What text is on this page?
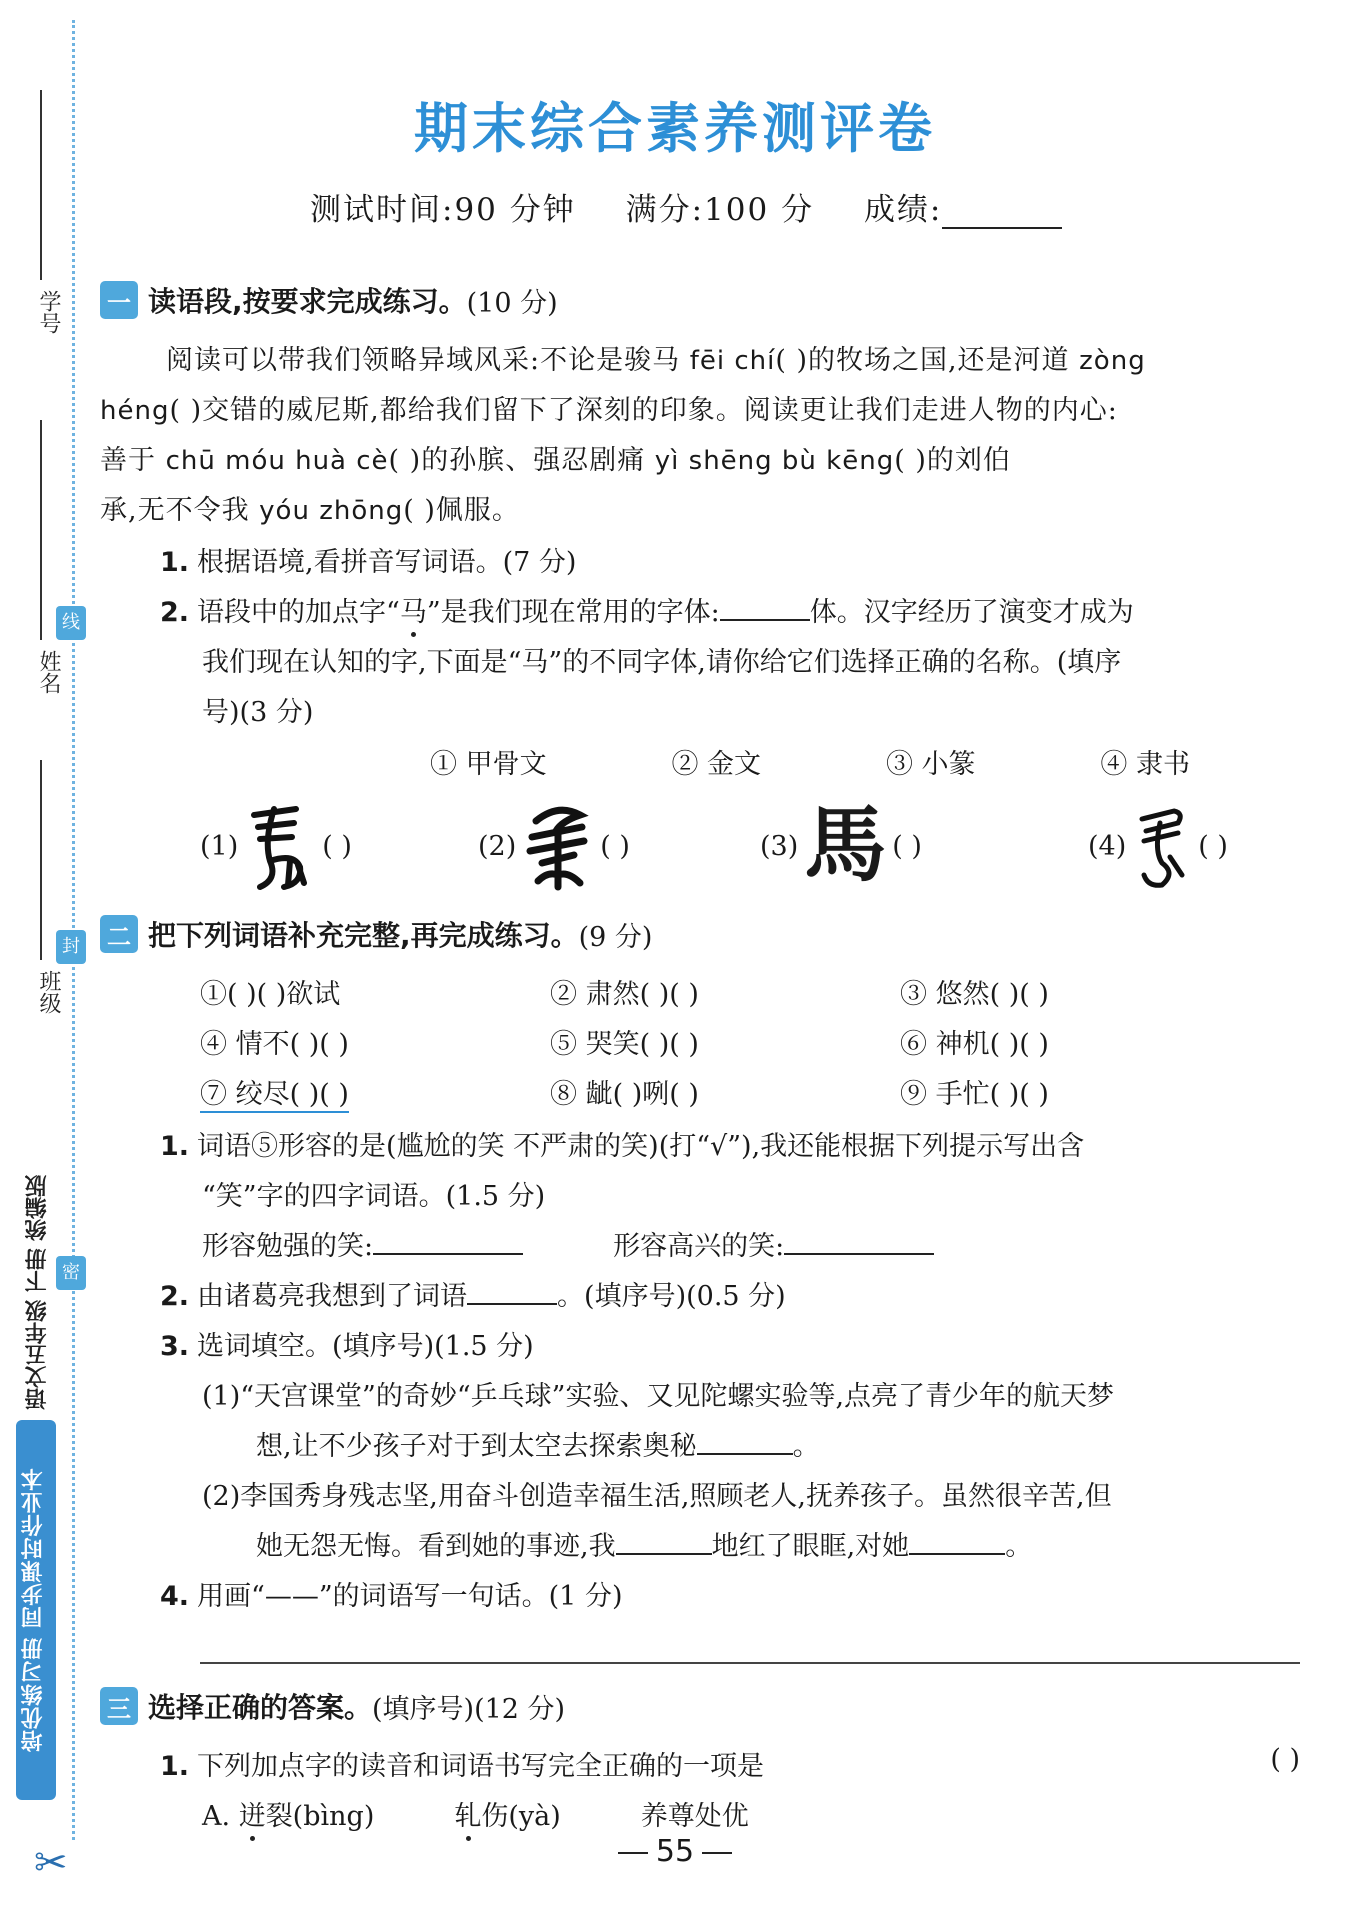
学号
姓名
班级
线
封
密
语文五年级 下册 统编版
培优练习册 同步课时作业本
✂
期末综合素养测评卷
测试时间:90 分钟 满分:100 分 成绩:
一 读语段,按要求完成练习。 (10 分)
阅读可以带我们领略异域风采:不论是骏马 fēi chí( )的牧场之国,还是河道 zòng
héng( )交错的威尼斯,都给我们留下了深刻的印象。阅读更让我们走进人物的内心:
善于 chū móu huà cè( )的孙膑、强忍剧痛 yì shēng bù kēng( )的刘伯
承,无不令我 yóu zhōng( )佩服。
1. 根据语境,看拼音写词语。(7 分)
2. 语段中的加点字“马”是我们现在常用的字体:	体。汉字经历了演变才成为
我们现在认知的字,下面是“马”的不同字体,请你给它们选择正确的名称。(填序
号)(3 分)
① 甲骨文	② 金文	③ 小篆	④ 隶书
(1)	( )	(2)	( )	(3) 馬 ( )	(4)	( )
二 把下列词语补充完整,再完成练习。 (9 分)
①( )( )欲试	② 肃然( )( )	③ 悠然( )( )
④ 情不( )( )	⑤ 哭笑( )( )	⑥ 神机( )( )
⑦ 绞尽( )( )	⑧ 龇( )咧( )	⑨ 手忙( )( )
1. 词语⑤形容的是(尴尬的笑 不严肃的笑)(打“√”),我还能根据下列提示写出含
“笑”字的四字词语。(1.5 分)
形容勉强的笑:	形容高兴的笑:
2. 由诸葛亮我想到了词语	。(填序号)(0.5 分)
3. 选词填空。(填序号)(1.5 分)
(1)“天宫课堂”的奇妙“乒乓球”实验、又见陀螺实验等,点亮了青少年的航天梦
想,让不少孩子对于到太空去探索奥秘	。
(2)李国秀身残志坚,用奋斗创造幸福生活,照顾老人,抚养孩子。虽然很辛苦,但
她无怨无悔。看到她的事迹,我	地红了眼眶,对她	。
4. 用画“——”的词语写一句话。(1 分)
三 选择正确的答案。 (填序号)(12 分)
1. 下列加点字的读音和词语书写完全正确的一项是	( )
A. 迸裂(bìng)	轧伤(yà)	养尊处优
55
